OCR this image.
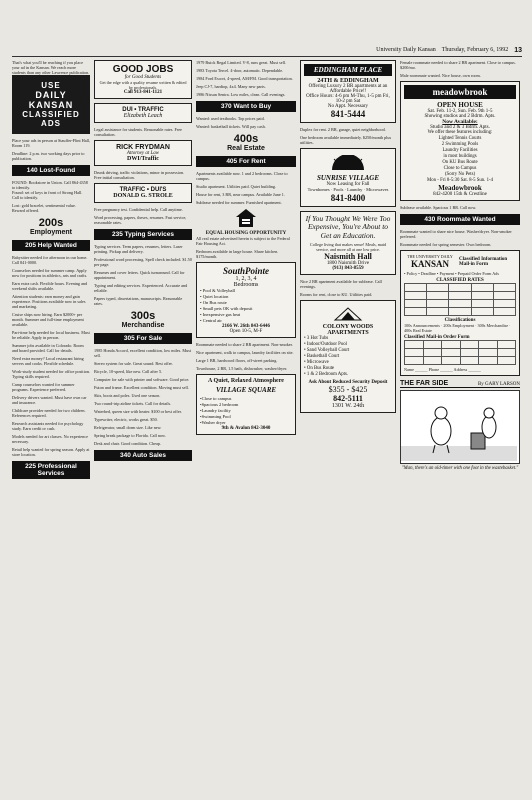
University Daily Kansan Thursday, February 6, 1992 13
That's what you'll be reaching if you place your ad in the Kansan. We reach more students than any other Lawrence publication.
USE
DAILY
KANSAN
CLASSIFIED
ADS

Place your ads in person at Stauffer-Flint Hall, Room 119.

Deadline: 2 p.m. two working days prior to publication.

140 Lost-Found
FOUND: Bookstore in Union. Call 864-4358 to identify.

Found: set of keys in front of Strong Hall. Call to identify.

Lost: gold bracelet, sentimental value. Reward offered.

200s
Employment
205 Help Wanted

Babysitter needed for afternoon in our home. Call 841-0000.

Counselors needed for summer camp. Apply now for positions in athletics, arts and crafts.

Earn extra cash. Flexible hours. Evening and weekend shifts available.

Attention students: earn money and gain experience. Positions available now in sales and marketing.

Cruise ships now hiring. Earn $2000+ per month. Summer and full-time employment available.

Part-time help needed for local business. Must be reliable. Apply in person.

Summer jobs available in Colorado. Room and board provided. Call for details.

Need extra money? Local restaurant hiring servers and cooks. Flexible schedule.

Work-study student needed for office position. Typing skills required.

Camp counselors wanted for summer programs. Experience preferred.

Delivery drivers wanted. Must have own car and insurance.

Childcare provider needed for two children. References required.

Research assistants needed for psychology study. Earn credit or cash.

Models needed for art classes. No experience necessary.

Retail help wanted for spring season. Apply at store location.

225 Professional Services
GOOD JOBS
for Good Students
Get the edge with a quality resume written & edited by professionals.
Call 913-841-1121
DUI • TRAFFIC
Elizabeth Leach

Legal assistance for students. Reasonable rates. Free consultation.

RICK FRYDMAN
Attorney at Law
DWI/Traffic

Drunk driving, traffic violations, minor in possession. Free initial consultation.

TRAFFIC • DUI'S
DONALD G. STROLE

Free pregnancy test. Confidential help. Call anytime.

Word processing, papers, theses, resumes. Fast service, reasonable rates.

235 Typing Services

Typing services. Term papers, resumes, letters. Laser printing. Pickup and delivery.

Professional word processing. Spell check included. $1.50 per page.

Resumes and cover letters. Quick turnaround. Call for appointment.

Typing and editing services. Experienced. Accurate and reliable.

Papers typed, dissertations, manuscripts. Reasonable rates.

300s
Merchandise
305 For Sale

1985 Honda Accord, excellent condition, low miles. Must sell.

Stereo system for sale. Great sound. Best offer.

Bicycle, 10-speed, like new. Call after 5.

Computer for sale with printer and software. Good price.

Futon and frame. Excellent condition. Moving must sell.

Skis, boots and poles. Used one season.

Two round-trip airline tickets. Call for details.

Waterbed, queen size with heater. $100 or best offer.

Typewriter, electric, works great. $50.

Refrigerator, small dorm size. Like new.

Spring break package to Florida. Call now.

Desk and chair. Good condition. Cheap.

340 Auto Sales

1979 Buick Regal Limited. V-8, runs great. Must sell.

1983 Toyota Tercel. 4-door, automatic. Dependable.

1984 Ford Escort, 4-speed, AM/FM. Good transportation.

Jeep CJ-7, hardtop, 4x4. Many new parts.

1986 Nissan Sentra. Low miles, clean. Call evenings.

370 Want to Buy

Wanted: used textbooks. Top prices paid.

Wanted: basketball tickets. Will pay cash.

400s
Real Estate
405 For Rent

Apartments available now. 1 and 2 bedrooms. Close to campus.

Studio apartment. Utilities paid. Quiet building.

House for rent, 3 BR, near campus. Available June 1.

Sublease needed for summer. Furnished apartment.

EQUAL HOUSING OPPORTUNITY

All real estate advertised herein is subject to the Federal Fair Housing Act.

Bedroom available in large house. Share kitchen. $175/month.

SouthPointe
1, 2, 3, 4
Bedrooms
• Pool & Volleyball
• Quiet location
• On Bus route
• Small pets OK with deposit
• Inexpensive gas heat
• Central air
2166 W. 26th 843-6446
Open 10-5, M-F

Roommate needed to share 2 BR apartment. Non-smoker.

Nice apartment, walk to campus, laundry facilities on site.

Large 1 BR, hardwood floors, off-street parking.

Townhouse, 2 BR, 1.5 bath, dishwasher, washer/dryer.

A Quiet, Relaxed Atmosphere
VILLAGE SQUARE
•Close to campus
•Spacious 2 bedroom
•Laundry facility
•Swimming Pool
•Washer dryer
9th & Avalon 842-3040
EDDINGHAM PLACE
24TH & EDDINGHAM
Offering Luxury 2 BR apartments at an Affordable Price!!
Office Hours: 4-6 pm M-Thu, 1-5 pm Fri, 10-2 pm Sat
No Appt. Necessary
841-5444

Duplex for rent. 2 BR, garage, quiet neighborhood.

One bedroom available immediately. $250/month plus utilities.

SUNRISE VILLAGE
Now Leasing for Fall
Townhomes · Pools · Laundry · Microwaves
841-8400
If You Thought We Were Too Expensive, You're About to Get an Education.
College living that makes sense! Meals, maid service, and more all at one low price.
Naismith Hall
1800 Naismith Drive
(913) 843-8559

Nice 2 BR apartment available for sublease. Call evenings.

Rooms for rent, close to KU. Utilities paid.

COLONY WOODS APARTMENTS
• 3 Hot Tubs
• Indoor/Outdoor Pool
• Sand Volleyball Court
• Basketball Court
• Microwave
• On Bus Route
• 1 & 2 Bedroom Apts.
Ask About Reduced Security Deposit
$355 - $425
842-5111
1301 W. 24th

Female roommate needed to share 2 BR apartment. Close to campus. $200/mo.

Male roommate wanted. Nice house, own room.

meadowbrook
OPEN HOUSE
Sat. Feb. 11-2, Sun. Feb. 9th 1-5
Showing studios and 2 Bdrm. Apts.
Now Available:
Studio and 2 & 3 Bdrm. Apts.
We offer these features including:
Lighted Tennis Courts
2 Swimming Pools
Laundry Facilities
in most buildings
On KU Bus Route
Close to Campus
(Sorry No Pets)
Mon - Fri 8-5:30 Sat. 8-5 Sun. 1-4
Meadowbrook
842-4200 15th & Crestline

Sublease available. Spacious 1 BR. Call now.

430 Roommate Wanted

Roommate wanted to share nice house. Washer/dryer. Non-smoker preferred.

Roommate needed for spring semester. Own bedroom.

THE UNIVERSITY DAILY
KANSAN	Classified Information Mail-in Form
• Policy • Deadline • Payment • Prepaid Order Form Ads
CLASSIFIED RATES

Classifications
100s Announcements · 200s Employment · 300s Merchandise · 400s Real Estate
Classified Mail-in Order Form

Name ______ Phone ______ Address ______
THE FAR SIDE	By GARY LARSON
"Man, there's an old-timer with one foot in the wastebasket."
